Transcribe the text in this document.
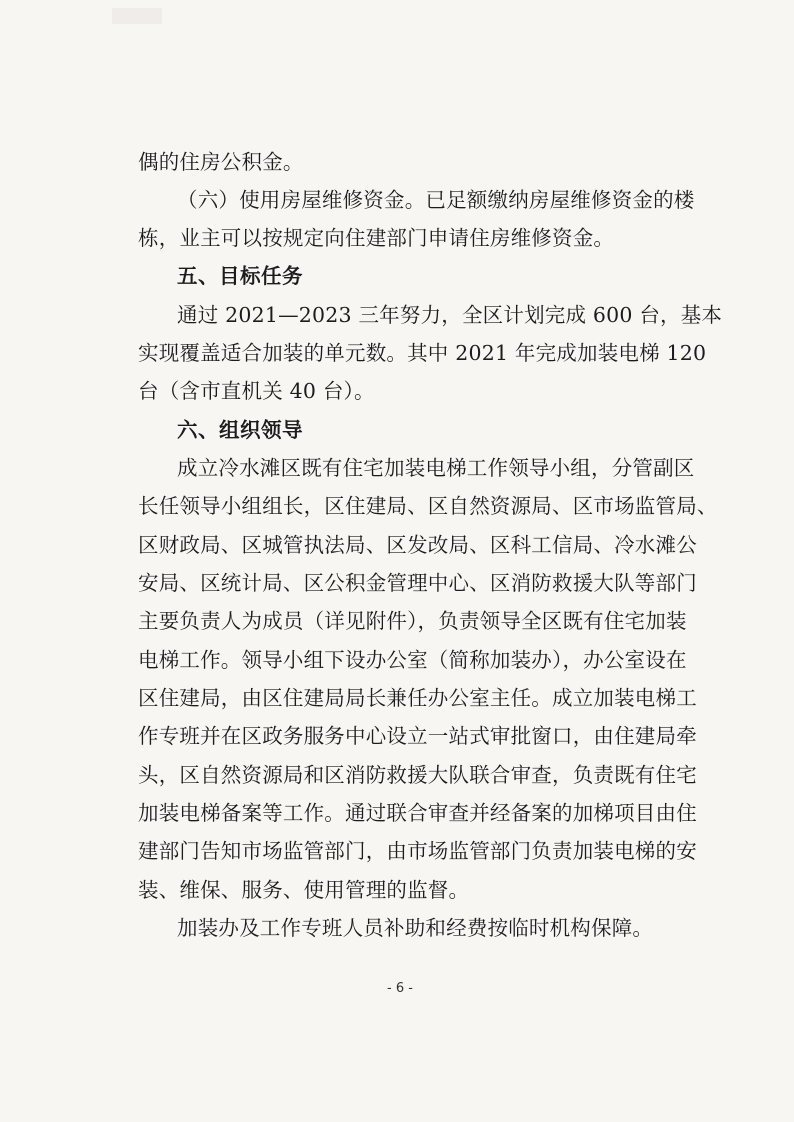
偶的住房公积金。
（六）使用房屋维修资金。已足额缴纳房屋维修资金的楼
栋，业主可以按规定向住建部门申请住房维修资金。
五、目标任务
通过 2021—2023 三年努力，全区计划完成 600 台，基本
实现覆盖适合加装的单元数。其中 2021 年完成加装电梯 120
台（含市直机关 40 台）。
六、组织领导
成立冷水滩区既有住宅加装电梯工作领导小组，分管副区
长任领导小组组长，区住建局、区自然资源局、区市场监管局、
区财政局、区城管执法局、区发改局、区科工信局、冷水滩公
安局、区统计局、区公积金管理中心、区消防救援大队等部门
主要负责人为成员（详见附件），负责领导全区既有住宅加装
电梯工作。领导小组下设办公室（简称加装办），办公室设在
区住建局，由区住建局局长兼任办公室主任。成立加装电梯工
作专班并在区政务服务中心设立一站式审批窗口，由住建局牵
头，区自然资源局和区消防救援大队联合审查，负责既有住宅
加装电梯备案等工作。通过联合审查并经备案的加梯项目由住
建部门告知市场监管部门，由市场监管部门负责加装电梯的安
装、维保、服务、使用管理的监督。
加装办及工作专班人员补助和经费按临时机构保障。
- 6 -
